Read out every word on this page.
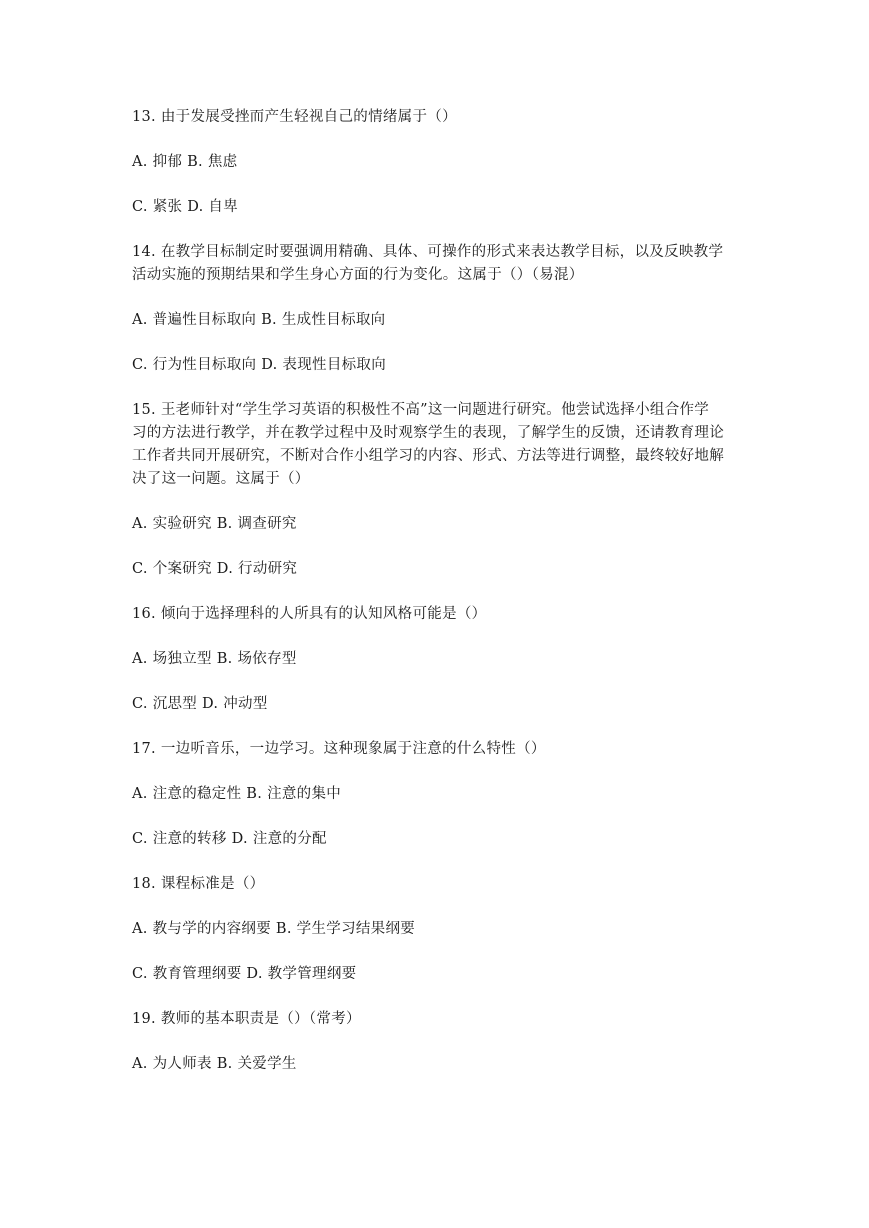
13. 由于发展受挫而产生轻视自己的情绪属于（）
A. 抑郁 B. 焦虑
C. 紧张 D. 自卑
14. 在教学目标制定时要强调用精确、具体、可操作的形式来表达教学目标，以及反映教学
活动实施的预期结果和学生身心方面的行为变化。这属于（）（易混）
A. 普遍性目标取向 B. 生成性目标取向
C. 行为性目标取向 D. 表现性目标取向
15. 王老师针对“学生学习英语的积极性不高”这一问题进行研究。他尝试选择小组合作学
习的方法进行教学，并在教学过程中及时观察学生的表现，了解学生的反馈，还请教育理论
工作者共同开展研究，不断对合作小组学习的内容、形式、方法等进行调整，最终较好地解
决了这一问题。这属于（）
A. 实验研究 B. 调查研究
C. 个案研究 D. 行动研究
16. 倾向于选择理科的人所具有的认知风格可能是（）
A. 场独立型 B. 场依存型
C. 沉思型 D. 冲动型
17. 一边听音乐，一边学习。这种现象属于注意的什么特性（）
A. 注意的稳定性 B. 注意的集中
C. 注意的转移 D. 注意的分配
18. 课程标准是（）
A. 教与学的内容纲要 B. 学生学习结果纲要
C. 教育管理纲要 D. 教学管理纲要
19. 教师的基本职责是（）（常考）
A. 为人师表 B. 关爱学生
